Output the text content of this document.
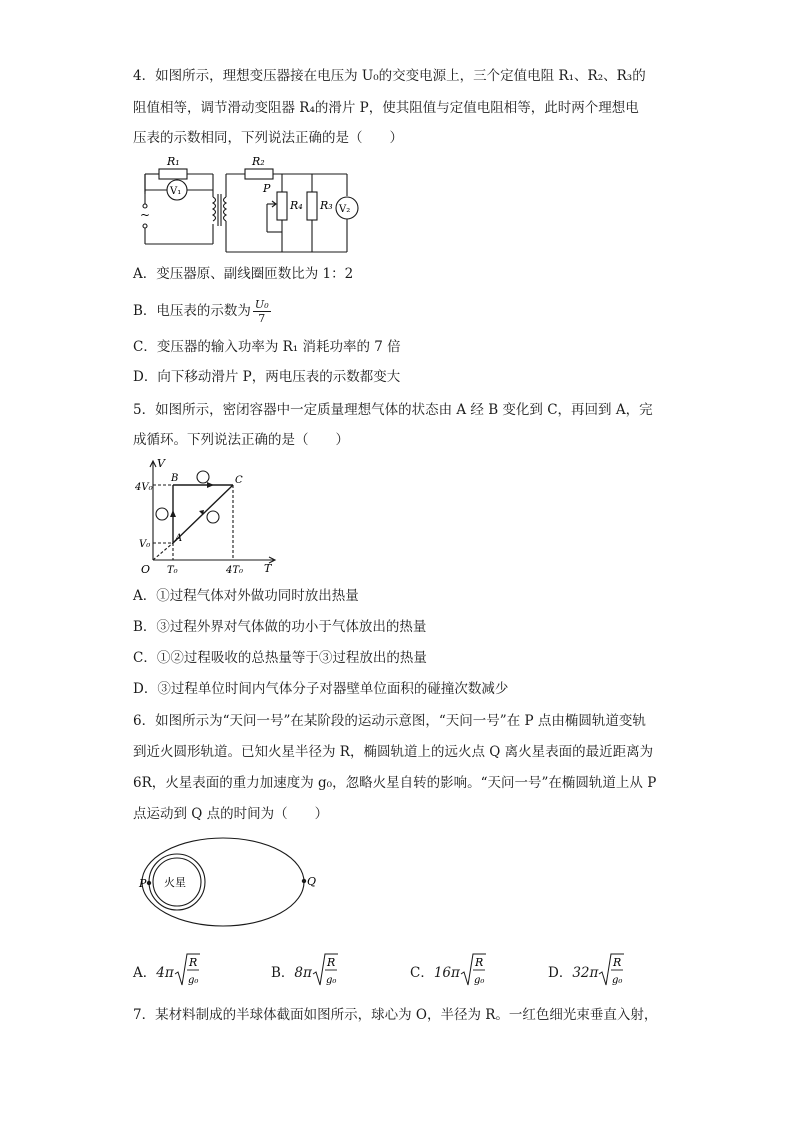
4．如图所示，理想变压器接在电压为 U₀的交变电源上，三个定值电阻 R₁、R₂、R₃的
阻值相等，调节滑动变阻器 R₄的滑片 P，使其阻值与定值电阻相等，此时两个理想电
压表的示数相同，下列说法正确的是（　　）
R₁	R₂
V₁
~
P
R₄ R₃ V₂
A．变压器原、副线圈匝数比为 1：2
B．电压表的示数为 $\frac{\text{U₀}}{7}$
C．变压器的输入功率为 R₁ 消耗功率的 7 倍
D．向下移动滑片 P，两电压表的示数都变大
5．如图所示，密闭容器中一定质量理想气体的状态由 A 经 B 变化到 C，再回到 A，完
成循环。下列说法正确的是（　　）
V
T
O
4V₀
V₀
T₀	4T₀
A
B	C
A．①过程气体对外做功同时放出热量
B．③过程外界对气体做的功小于气体放出的热量
C．①②过程吸收的总热量等于③过程放出的热量
D．③过程单位时间内气体分子对器壁单位面积的碰撞次数减少
6．如图所示为“天问一号”在某阶段的运动示意图，“天问一号”在 P 点由椭圆轨道变轨
到近火圆形轨道。已知火星半径为 R，椭圆轨道上的远火点 Q 离火星表面的最近距离为
6R，火星表面的重力加速度为 g₀，忽略火星自转的影响。“天问一号”在椭圆轨道上从 P
点运动到 Q 点的时间为（　　）
火星
P	Q
A．4π
R
g₀	B．8π
R
g₀	C．16π
R
g₀	D．32π
R
g₀
7．某材料制成的半球体截面如图所示，球心为 O，半径为 R。一红色细光束垂直入射，
